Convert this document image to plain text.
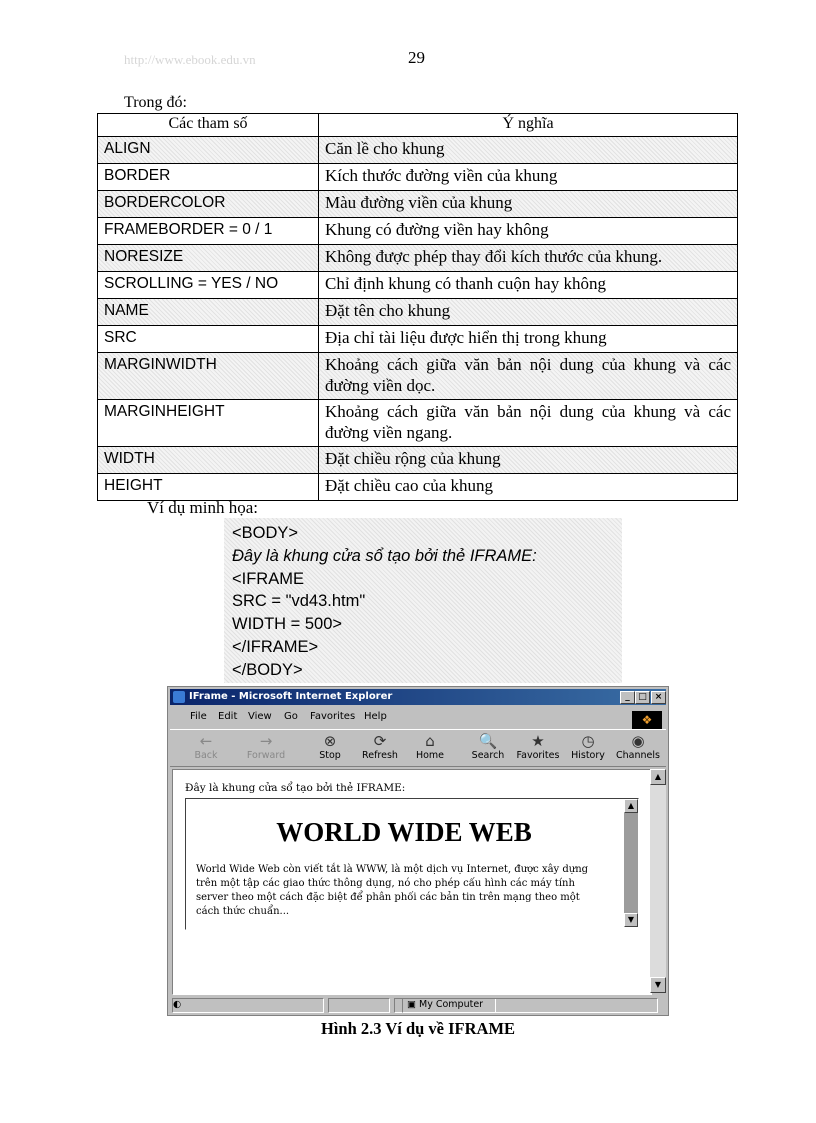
http://www.ebook.edu.vn	29
Trong đó:
Các tham số	Ý nghĩa
ALIGN	Căn lề cho khung
BORDER	Kích thước đường viền của khung
BORDERCOLOR	Màu đường viền của khung
FRAMEBORDER = 0 / 1	Khung có đường viền hay không
NORESIZE	Không được phép thay đổi kích thước của khung.
SCROLLING = YES / NO	Chỉ định khung có thanh cuộn hay không
NAME	Đặt tên cho khung
SRC	Địa chỉ tài liệu được hiển thị trong khung
MARGINWIDTH	Khoảng cách giữa văn bản nội dung của khung và các đường viền dọc.
MARGINHEIGHT	Khoảng cách giữa văn bản nội dung của khung và các đường viền ngang.
WIDTH	Đặt chiều rộng của khung
HEIGHT	Đặt chiều cao của khung
Ví dụ minh họa:
<BODY>
Đây là khung cửa sổ tạo bởi thẻ IFRAME:
<IFRAME
SRC = "vd43.htm"
WIDTH = 500>
</IFRAME>
</BODY>
IFrame - Microsoft Internet Explorer	_ □ ×
File Edit View Go Favorites Help	❖
←
Back
→
Forward
⊗
Stop
⟳
Refresh
⌂
Home
🔍
Search
★
Favorites
◷
History
◉
Channels
Đây là khung cửa sổ tạo bởi thẻ IFRAME:
WORLD WIDE WEB

World Wide Web còn viết tắt là WWW, là một dịch vụ Internet, được xây dựng trên một tập các giao thức thông dụng, nó cho phép cấu hình các máy tính server theo một cách đặc biệt để phân phối các bản tin trên mạng theo một cách thức chuẩn...

▲
▼
▲
▼
◐	▣ My Computer
Hình 2.3 Ví dụ về IFRAME
